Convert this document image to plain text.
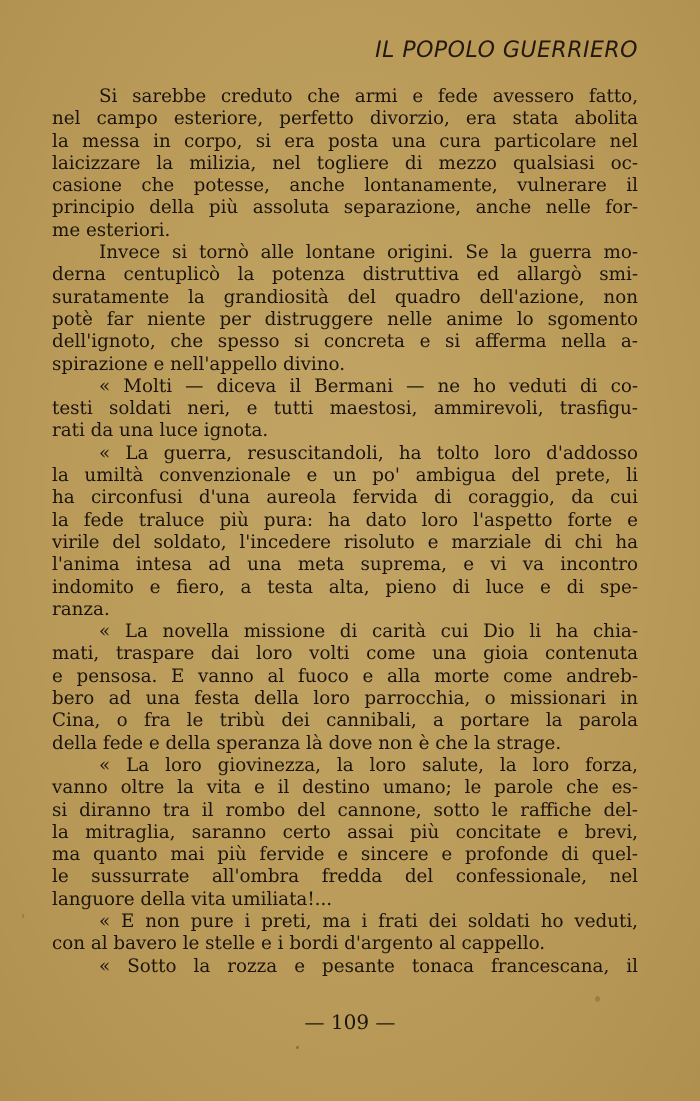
IL POPOLO GUERRIERO
Si sarebbe creduto che armi e fede avessero fatto,
nel campo esteriore, perfetto divorzio, era stata abolita
la messa in corpo, si era posta una cura particolare nel
laicizzare la milizia, nel togliere di mezzo qualsiasi oc-
casione che potesse, anche lontanamente, vulnerare il
principio della più assoluta separazione, anche nelle for-
me esteriori.
Invece si tornò alle lontane origini. Se la guerra mo-
derna centuplicò la potenza distruttiva ed allargò smi-
suratamente la grandiosità del quadro dell'azione, non
potè far niente per distruggere nelle anime lo sgomento
dell'ignoto, che spesso si concreta e si afferma nella a-
spirazione e nell'appello divino.
« Molti — diceva il Bermani — ne ho veduti di co-
testi soldati neri, e tutti maestosi, ammirevoli, trasfigu-
rati da una luce ignota.
« La guerra, resuscitandoli, ha tolto loro d'addosso
la umiltà convenzionale e un po' ambigua del prete, li
ha circonfusi d'una aureola fervida di coraggio, da cui
la fede traluce più pura: ha dato loro l'aspetto forte e
virile del soldato, l'incedere risoluto e marziale di chi ha
l'anima intesa ad una meta suprema, e vi va incontro
indomito e fiero, a testa alta, pieno di luce e di spe-
ranza.
« La novella missione di carità cui Dio li ha chia-
mati, traspare dai loro volti come una gioia contenuta
e pensosa. E vanno al fuoco e alla morte come andreb-
bero ad una festa della loro parrocchia, o missionari in
Cina, o fra le tribù dei cannibali, a portare la parola
della fede e della speranza là dove non è che la strage.
« La loro giovinezza, la loro salute, la loro forza,
vanno oltre la vita e il destino umano; le parole che es-
si diranno tra il rombo del cannone, sotto le raffiche del-
la mitraglia, saranno certo assai più concitate e brevi,
ma quanto mai più fervide e sincere e profonde di quel-
le sussurrate all'ombra fredda del confessionale, nel
languore della vita umiliata!...
« E non pure i preti, ma i frati dei soldati ho veduti,
con al bavero le stelle e i bordi d'argento al cappello.
« Sotto la rozza e pesante tonaca francescana, il
— 109 —
